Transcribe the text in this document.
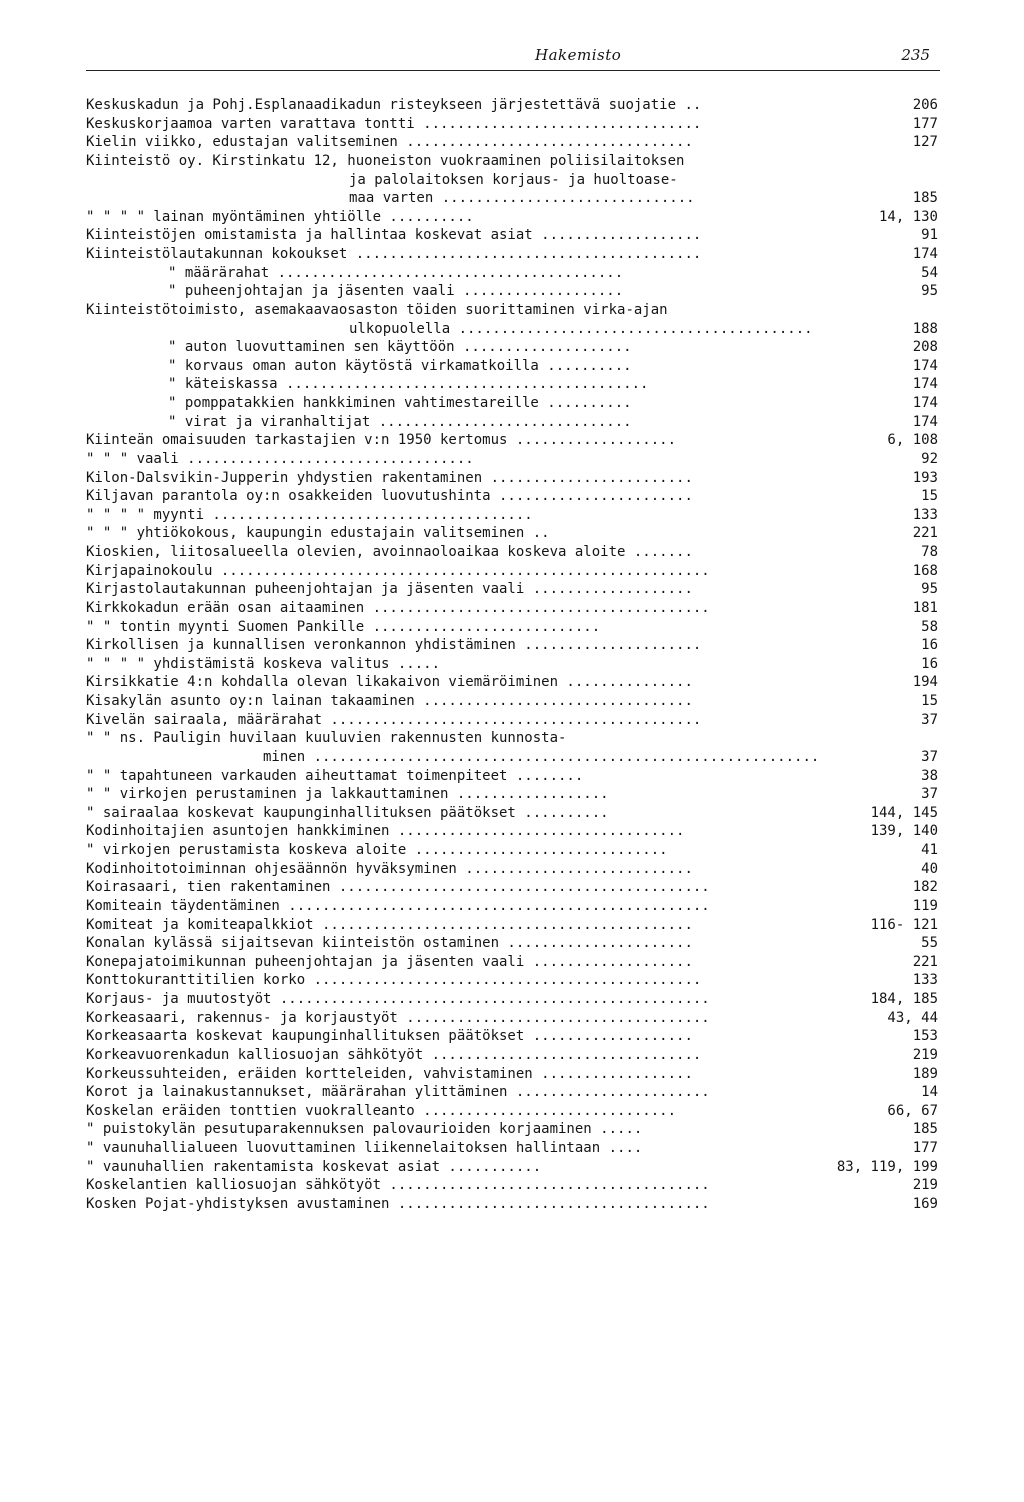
Hakemisto	235
Keskuskadun ja Pohj.Esplanaadikadun risteykseen järjestettävä suojatie ..	206
Keskuskorjaamoa varten varattava tontti .................................	177
Kielin viikko, edustajan valitseminen ..................................	127
Kiinteistö oy. Kirstinkatu 12, huoneiston vuokraaminen poliisilaitoksen
ja palolaitoksen korjaus- ja huoltoase-
maa varten ..............................	185
" " " " lainan myöntäminen yhtiölle ..........	14, 130
Kiinteistöjen omistamista ja hallintaa koskevat asiat ...................	91
Kiinteistölautakunnan kokoukset .........................................	174
" määrärahat .........................................	54
" puheenjohtajan ja jäsenten vaali ...................	95
Kiinteistötoimisto, asemakaavaosaston töiden suorittaminen virka-ajan
ulkopuolella ..........................................	188
" auton luovuttaminen sen käyttöön ....................	208
" korvaus oman auton käytöstä virkamatkoilla ..........	174
" käteiskassa ...........................................	174
" pomppatakkien hankkiminen vahtimestareille ..........	174
" virat ja viranhaltijat ..............................	174
Kiinteän omaisuuden tarkastajien v:n 1950 kertomus ...................	6, 108
" " " vaali ..................................	92
Kilon-Dalsvikin-Jupperin yhdystien rakentaminen ........................	193
Kiljavan parantola oy:n osakkeiden luovutushinta .......................	15
" " " " myynti ......................................	133
" " " yhtiökokous, kaupungin edustajain valitseminen ..	221
Kioskien, liitosalueella olevien, avoinnaoloaikaa koskeva aloite .......	78
Kirjapainokoulu ..........................................................	168
Kirjastolautakunnan puheenjohtajan ja jäsenten vaali ...................	95
Kirkkokadun erään osan aitaaminen ........................................	181
" " tontin myynti Suomen Pankille ...........................	58
Kirkollisen ja kunnallisen veronkannon yhdistäminen .....................	16
" " " " yhdistämistä koskeva valitus .....	16
Kirsikkatie 4:n kohdalla olevan likakaivon viemäröiminen ...............	194
Kisakylän asunto oy:n lainan takaaminen ................................	15
Kivelän sairaala, määrärahat ............................................	37
" " ns. Pauligin huvilaan kuuluvien rakennusten kunnosta-
minen ............................................................	37
" " tapahtuneen varkauden aiheuttamat toimenpiteet ........	38
" " virkojen perustaminen ja lakkauttaminen ..................	37
" sairaalaa koskevat kaupunginhallituksen päätökset ..........	144, 145
Kodinhoitajien asuntojen hankkiminen ..................................	139, 140
" virkojen perustamista koskeva aloite ..............................	41
Kodinhoitotoiminnan ohjesäännön hyväksyminen ...........................	40
Koirasaari, tien rakentaminen ............................................	182
Komiteain täydentäminen ..................................................	119
Komiteat ja komiteapalkkiot ............................................	116- 121
Konalan kylässä sijaitsevan kiinteistön ostaminen ......................	55
Konepajatoimikunnan puheenjohtajan ja jäsenten vaali ...................	221
Konttokuranttitilien korko ..............................................	133
Korjaus- ja muutostyöt ...................................................	184, 185
Korkeasaari, rakennus- ja korjaustyöt ....................................	43, 44
Korkeasaarta koskevat kaupunginhallituksen päätökset ...................	153
Korkeavuorenkadun kalliosuojan sähkötyöt ................................	219
Korkeussuhteiden, eräiden kortteleiden, vahvistaminen ..................	189
Korot ja lainakustannukset, määrärahan ylittäminen .......................	14
Koskelan eräiden tonttien vuokralleanto ..............................	66, 67
" puistokylän pesutuparakennuksen palovaurioiden korjaaminen .....	185
" vaunuhallialueen luovuttaminen liikennelaitoksen hallintaan ....	177
" vaunuhallien rakentamista koskevat asiat ...........	83, 119, 199
Koskelantien kalliosuojan sähkötyöt ......................................	219
Kosken Pojat-yhdistyksen avustaminen .....................................	169
